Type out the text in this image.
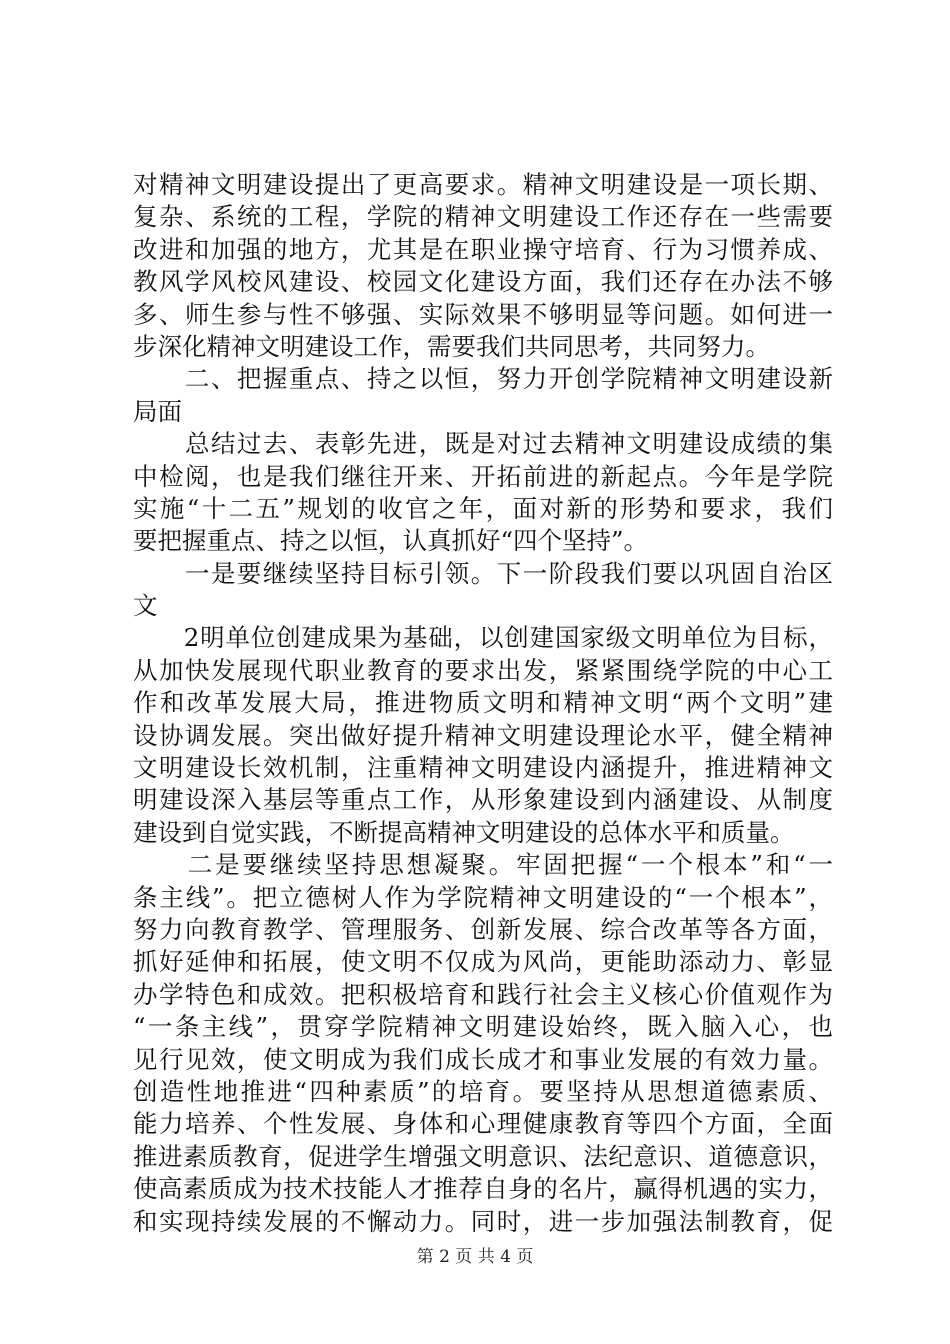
对精神文明建设提出了更高要求。精神文明建设是一项长期、
复杂、系统的工程，学院的精神文明建设工作还存在一些需要
改进和加强的地方，尤其是在职业操守培育、行为习惯养成、
教风学风校风建设、校园文化建设方面，我们还存在办法不够
多、师生参与性不够强、实际效果不够明显等问题。如何进一
步深化精神文明建设工作，需要我们共同思考，共同努力。
　　二、把握重点、持之以恒，努力开创学院精神文明建设新
局面
　　总结过去、表彰先进，既是对过去精神文明建设成绩的集
中检阅，也是我们继往开来、开拓前进的新起点。今年是学院
实施“十二五”规划的收官之年，面对新的形势和要求，我们
要把握重点、持之以恒，认真抓好“四个坚持”。
　　一是要继续坚持目标引领。下一阶段我们要以巩固自治区
文
　　2明单位创建成果为基础，以创建国家级文明单位为目标，
从加快发展现代职业教育的要求出发，紧紧围绕学院的中心工
作和改革发展大局，推进物质文明和精神文明“两个文明”建
设协调发展。突出做好提升精神文明建设理论水平，健全精神
文明建设长效机制，注重精神文明建设内涵提升，推进精神文
明建设深入基层等重点工作，从形象建设到内涵建设、从制度
建设到自觉实践，不断提高精神文明建设的总体水平和质量。
　　二是要继续坚持思想凝聚。牢固把握“一个根本”和“一
条主线”。把立德树人作为学院精神文明建设的“一个根本”，
努力向教育教学、管理服务、创新发展、综合改革等各方面，
抓好延伸和拓展，使文明不仅成为风尚，更能助添动力、彰显
办学特色和成效。把积极培育和践行社会主义核心价值观作为
“一条主线”，贯穿学院精神文明建设始终，既入脑入心，也
见行见效，使文明成为我们成长成才和事业发展的有效力量。
创造性地推进“四种素质”的培育。要坚持从思想道德素质、
能力培养、个性发展、身体和心理健康教育等四个方面，全面
推进素质教育，促进学生增强文明意识、法纪意识、道德意识，
使高素质成为技术技能人才推荐自身的名片，赢得机遇的实力，
和实现持续发展的不懈动力。同时，进一步加强法制教育，促
第 2 页 共 4 页
